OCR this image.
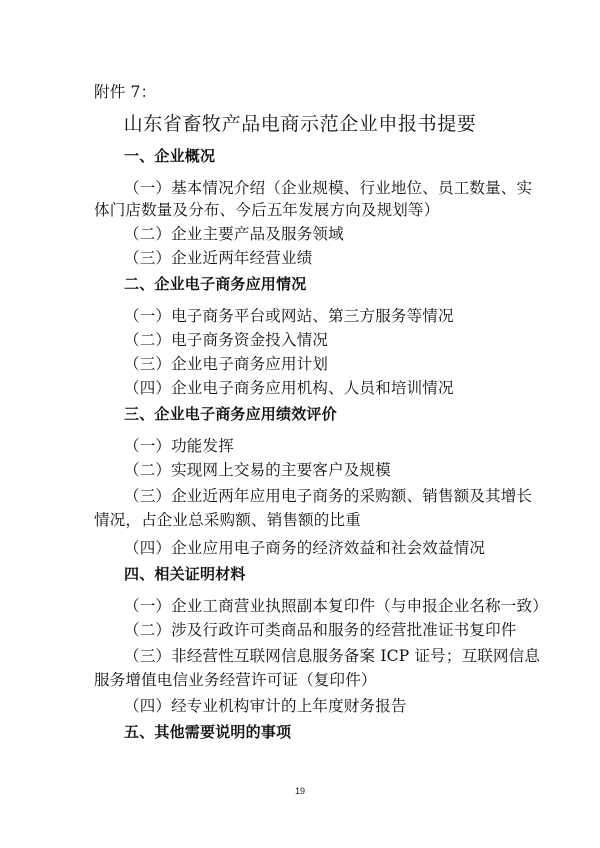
附件 7：
山东省畜牧产品电商示范企业申报书提要
一、企业概况
（一）基本情况介绍（企业规模、行业地位、员工数量、实
体门店数量及分布、今后五年发展方向及规划等）
（二）企业主要产品及服务领域
（三）企业近两年经营业绩
二、企业电子商务应用情况
（一）电子商务平台或网站、第三方服务等情况
（二）电子商务资金投入情况
（三）企业电子商务应用计划
（四）企业电子商务应用机构、人员和培训情况
三、企业电子商务应用绩效评价
（一）功能发挥
（二）实现网上交易的主要客户及规模
（三）企业近两年应用电子商务的采购额、销售额及其增长
情况，占企业总采购额、销售额的比重
（四）企业应用电子商务的经济效益和社会效益情况
四、相关证明材料
（一）企业工商营业执照副本复印件（与申报企业名称一致）
（二）涉及行政许可类商品和服务的经营批准证书复印件
（三）非经营性互联网信息服务备案 ICP 证号；互联网信息
服务增值电信业务经营许可证（复印件）
（四）经专业机构审计的上年度财务报告
五、其他需要说明的事项
19
